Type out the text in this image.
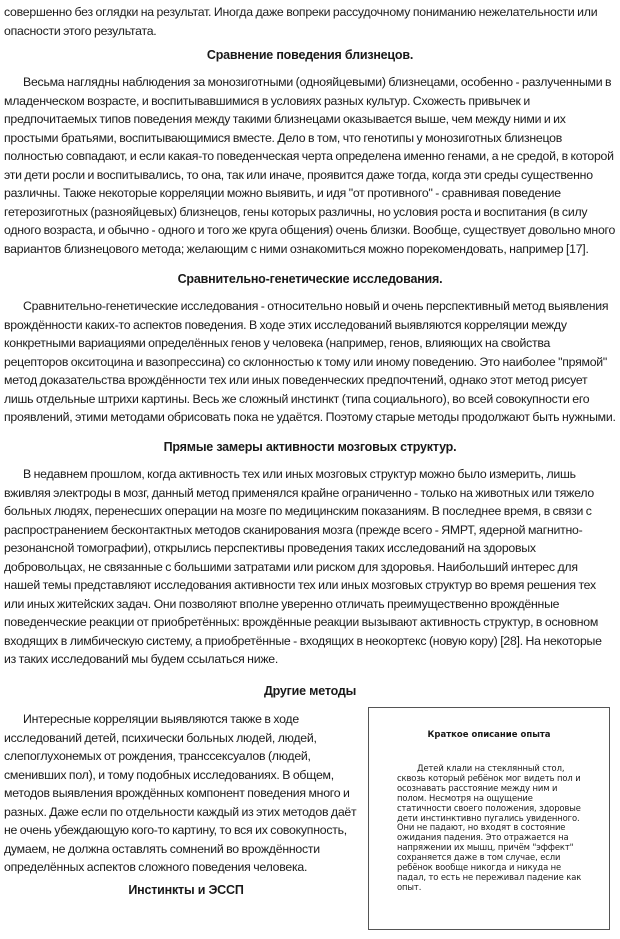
совершенно без оглядки на результат. Иногда даже вопреки рассудочному пониманию нежелательности или опасности этого результата.

Сравнение поведения близнецов.

Весьма наглядны наблюдения за монозиготными (однояйцевыми) близнецами, особенно - разлученными в младенческом возрасте, и воспитывавшимися в условиях разных культур. Схожесть привычек и предпочитаемых типов поведения между такими близнецами оказывается выше, чем между ними и их простыми братьями, воспитывающимися вместе. Дело в том, что генотипы у монозиготных близнецов полностью совпадают, и если какая-то поведенческая черта определена именно генами, а не средой, в которой эти дети росли и воспитывались, то она, так или иначе, проявится даже тогда, когда эти среды существенно различны. Также некоторые корреляции можно выявить, и идя "от противного" - сравнивая поведение гетерозиготных (разнояйцевых) близнецов, гены которых различны, но условия роста и воспитания (в силу одного возраста, и обычно - одного и того же круга общения) очень близки. Вообще, существует довольно много вариантов близнецового метода; желающим с ними ознакомиться можно порекомендовать, например [17].

Сравнительно-генетические исследования.

Сравнительно-генетические исследования - относительно новый и очень перспективный метод выявления врождённости каких-то аспектов поведения. В ходе этих исследований выявляются корреляции между конкретными вариациями определённых генов у человека (например, генов, влияющих на свойства рецепторов окситоцина и вазопрессина) со склонностью к тому или иному поведению. Это наиболее "прямой" метод доказательства врождённости тех или иных поведенческих предпочтений, однако этот метод рисует лишь отдельные штрихи картины. Весь же сложный инстинкт (типа социального), во всей совокупности его проявлений, этими методами обрисовать пока не удаётся. Поэтому старые методы продолжают быть нужными.

Прямые замеры активности мозговых структур.

В недавнем прошлом, когда активность тех или иных мозговых структур можно было измерить, лишь вживляя электроды в мозг, данный метод применялся крайне ограниченно - только на животных или тяжело больных людях, перенесших операции на мозге по медицинским показаниям. В последнее время, в связи с распространением бесконтактных методов сканирования мозга (прежде всего - ЯМРТ, ядерной магнитно-резонансной томографии), открылись перспективы проведения таких исследований на здоровых добровольцах, не связанные с большими затратами или риском для здоровья. Наибольший интерес для нашей темы представляют исследования активности тех или иных мозговых структур во время решения тех или иных житейских задач. Они позволяют вполне уверенно отличать преимущественно врождённые поведенческие реакции от приобретённых: врождённые реакции вызывают активность структур, в основном входящих в лимбическую систему, а приобретённые - входящих в неокортекс (новую кору) [28]. На некоторые из таких исследований мы будем ссылаться ниже.

Другие методы

Интересные корреляции выявляются также в ходе исследований детей, психически больных людей, людей, слепоглухонемых от рождения, транссексуалов (людей, сменивших пол), и тому подобных исследованиях. В общем, методов выявления врождённых компонент поведения много и разных. Даже если по отдельности каждый из этих методов даёт не очень убеждающую кого-то картину, то вся их совокупность, думаем, не должна оставлять сомнений во врождённости определённых аспектов сложного поведения человека.

Инстинкты и ЭССП

Краткое описание опыта

Детей клали на стеклянный стол, сквозь который ребёнок мог видеть пол и осознавать расстояние между ним и полом. Несмотря на ощущение статичности своего положения, здоровые дети инстинктивно пугались увиденного. Они не падают, но входят в состояние ожидания падения. Это отражается на напряжении их мышц, причём "эффект" сохраняется даже в том случае, если ребёнок вообще никогда и никуда не падал, то есть не переживал падение как опыт.
